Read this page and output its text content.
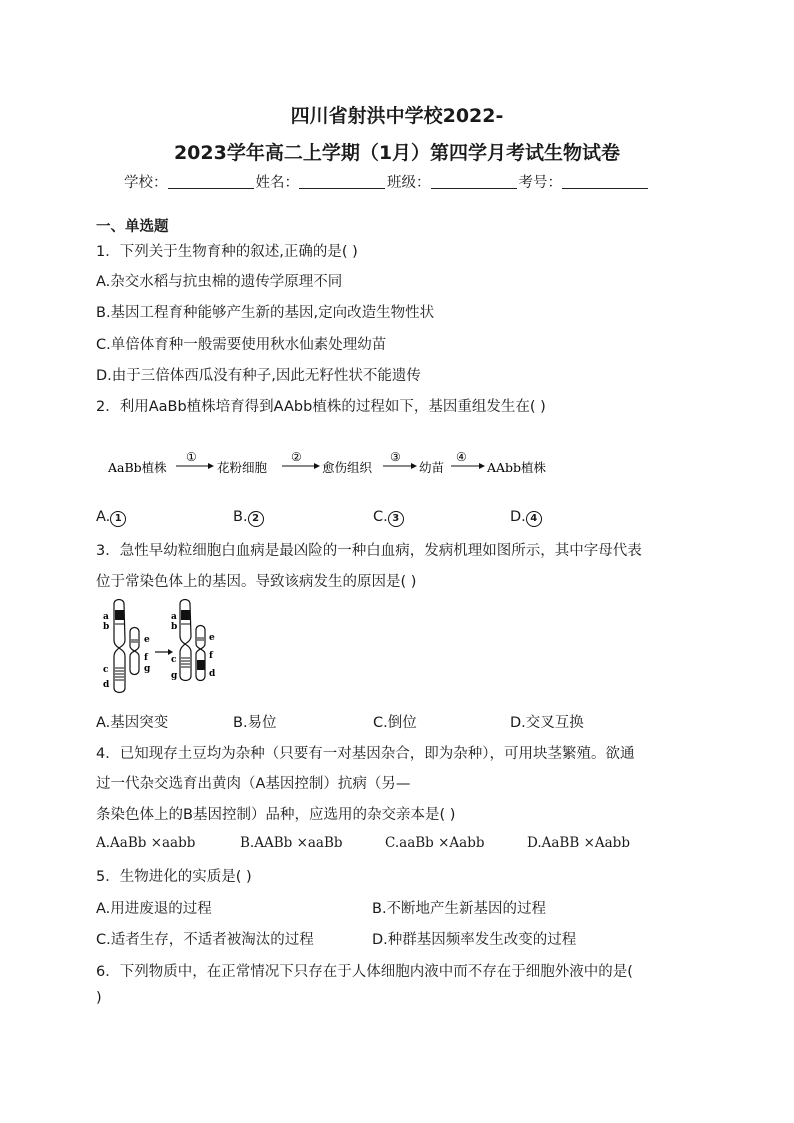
四川省射洪中学校2022-
2023学年高二上学期（1月）第四学月考试生物试卷
学校：	姓名：	班级：	考号：
一、单选题
1．下列关于生物育种的叙述,正确的是( )
A.杂交水稻与抗虫棉的遗传学原理不同
B.基因工程育种能够产生新的基因,定向改造生物性状
C.单倍体育种一般需要使用秋水仙素处理幼苗
D.由于三倍体西瓜没有种子,因此无籽性状不能遗传
2．利用AaBb植株培育得到AAbb植株的过程如下，基因重组发生在( )
AaBb植株
①
花粉细胞
②
愈伤组织
③
幼苗
④
AAbb植株
A. 1	B. 2	C. 3	D. 4
3．急性早幼粒细胞白血病是最凶险的一种白血病，发病机理如图所示，其中字母代表
位于常染色体上的基因。导致该病发生的原因是( )
a
b
c
d
e
f
g
a
b
c
g
e
f
d
A.基因突变	B.易位	C.倒位	D.交叉互换
4．已知现存土豆均为杂种（只要有一对基因杂合，即为杂种），可用块茎繁殖。欲通
过一代杂交选育出黄肉（A基因控制）抗病（另—
条染色体上的B基因控制）品种，应选用的杂交亲本是( )
A.AaBb ×aabb	B.AABb ×aaBb	C.aaBb ×Aabb	D.AaBB ×Aabb
5．生物进化的实质是( )
A.用进废退的过程	B.不断地产生新基因的过程
C.适者生存，不适者被淘汰的过程	D.种群基因频率发生改变的过程
6．下列物质中，在正常情况下只存在于人体细胞内液中而不存在于细胞外液中的是(
)
